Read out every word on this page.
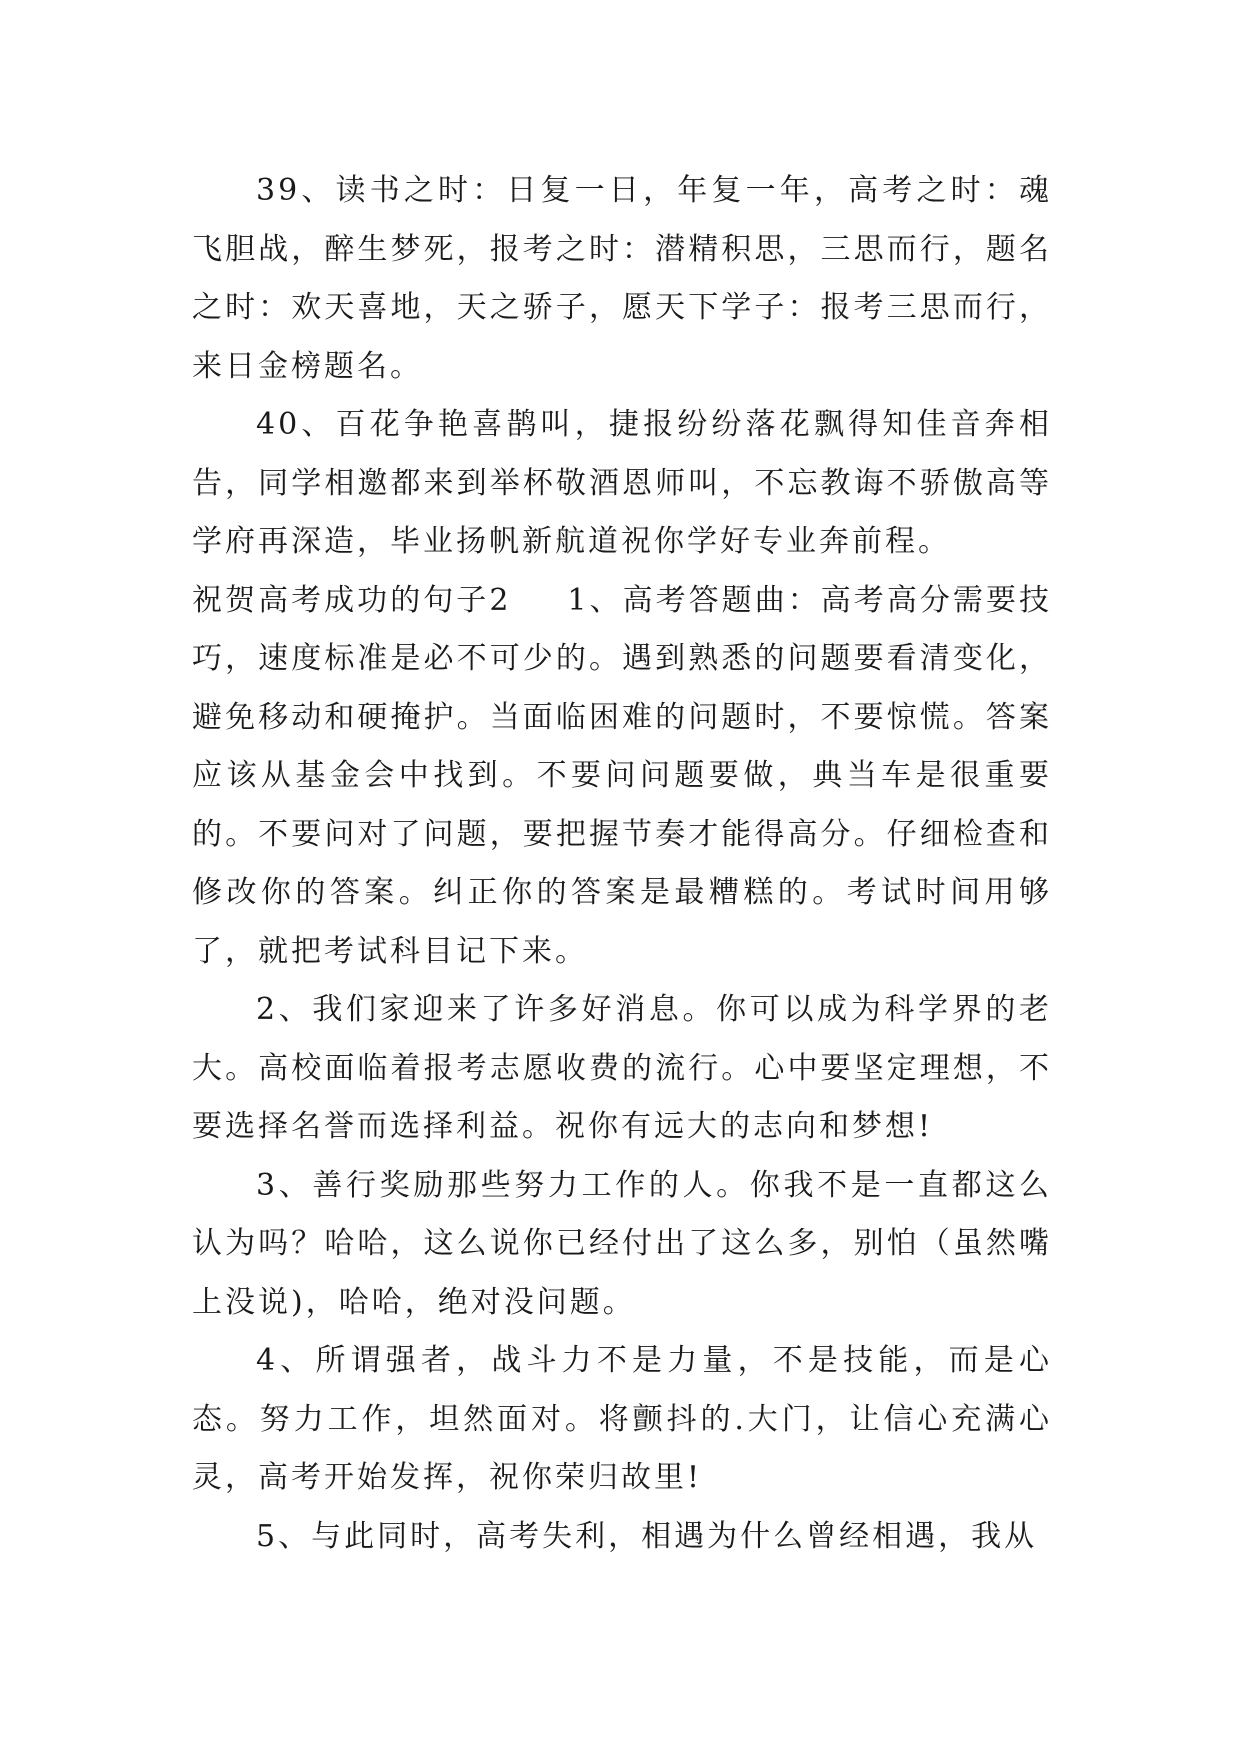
39、读书之时：日复一日，年复一年，高考之时：魂飞胆战，醉生梦死，报考之时：潜精积思，三思而行，题名之时：欢天喜地，天之骄子，愿天下学子：报考三思而行，来日金榜题名。

40、百花争艳喜鹊叫，捷报纷纷落花飘得知佳音奔相告，同学相邀都来到举杯敬酒恩师叫，不忘教诲不骄傲高等学府再深造，毕业扬帆新航道祝你学好专业奔前程。

祝贺高考成功的句子2 1、高考答题曲：高考高分需要技巧，速度标准是必不可少的。遇到熟悉的问题要看清变化，避免移动和硬掩护。当面临困难的问题时，不要惊慌。答案应该从基金会中找到。不要问问题要做，典当车是很重要的。不要问对了问题，要把握节奏才能得高分。仔细检查和修改你的答案。纠正你的答案是最糟糕的。考试时间用够了，就把考试科目记下来。

2、我们家迎来了许多好消息。你可以成为科学界的老大。高校面临着报考志愿收费的流行。心中要坚定理想，不要选择名誉而选择利益。祝你有远大的志向和梦想!

3、善行奖励那些努力工作的人。你我不是一直都这么认为吗？哈哈，这么说你已经付出了这么多，别怕（虽然嘴上没说)，哈哈，绝对没问题。

4、所谓强者，战斗力不是力量，不是技能，而是心态。努力工作，坦然面对。将颤抖的.大门，让信心充满心灵，高考开始发挥，祝你荣归故里!

5、与此同时，高考失利，相遇为什么曾经相遇，我从
